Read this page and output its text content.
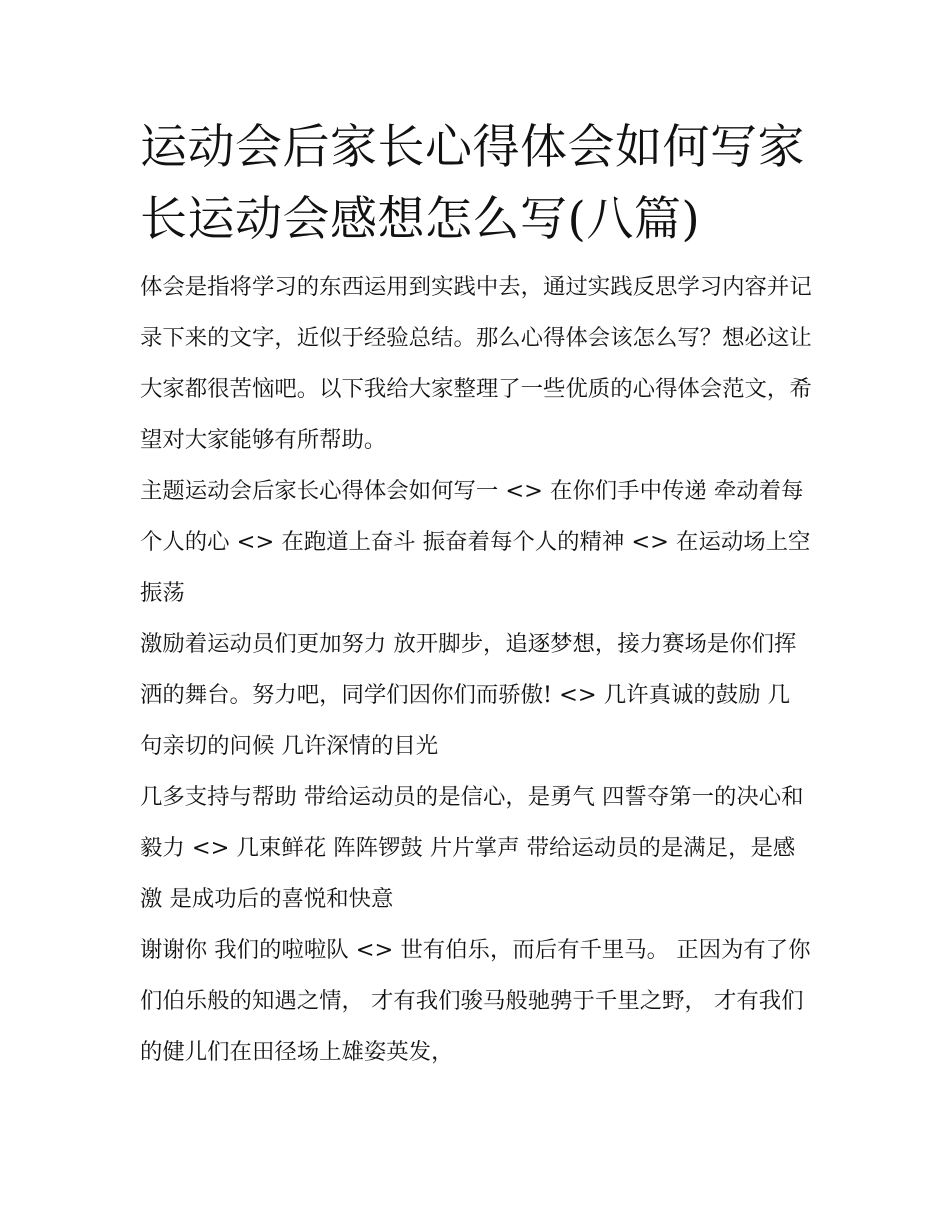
运动会后家长心得体会如何写家长运动会感想怎么写(八篇)

体会是指将学习的东西运用到实践中去，通过实践反思学习内容并记录下来的文字，近似于经验总结。那么心得体会该怎么写？想必这让大家都很苦恼吧。以下我给大家整理了一些优质的心得体会范文，希望对大家能够有所帮助。

主题运动会后家长心得体会如何写一 <> 在你们手中传递 牵动着每个人的心 <> 在跑道上奋斗 振奋着每个人的精神 <> 在运动场上空振荡

激励着运动员们更加努力 放开脚步，追逐梦想，接力赛场是你们挥洒的舞台。努力吧，同学们因你们而骄傲! <> 几许真诚的鼓励 几句亲切的问候 几许深情的目光

几多支持与帮助 带给运动员的是信心，是勇气 四誓夺第一的决心和毅力 <> 几束鲜花 阵阵锣鼓 片片掌声 带给运动员的是满足，是感激 是成功后的喜悦和快意

谢谢你 我们的啦啦队 <> 世有伯乐，而后有千里马。 正因为有了你们伯乐般的知遇之情， 才有我们骏马般驰骋于千里之野， 才有我们的健儿们在田径场上雄姿英发，
